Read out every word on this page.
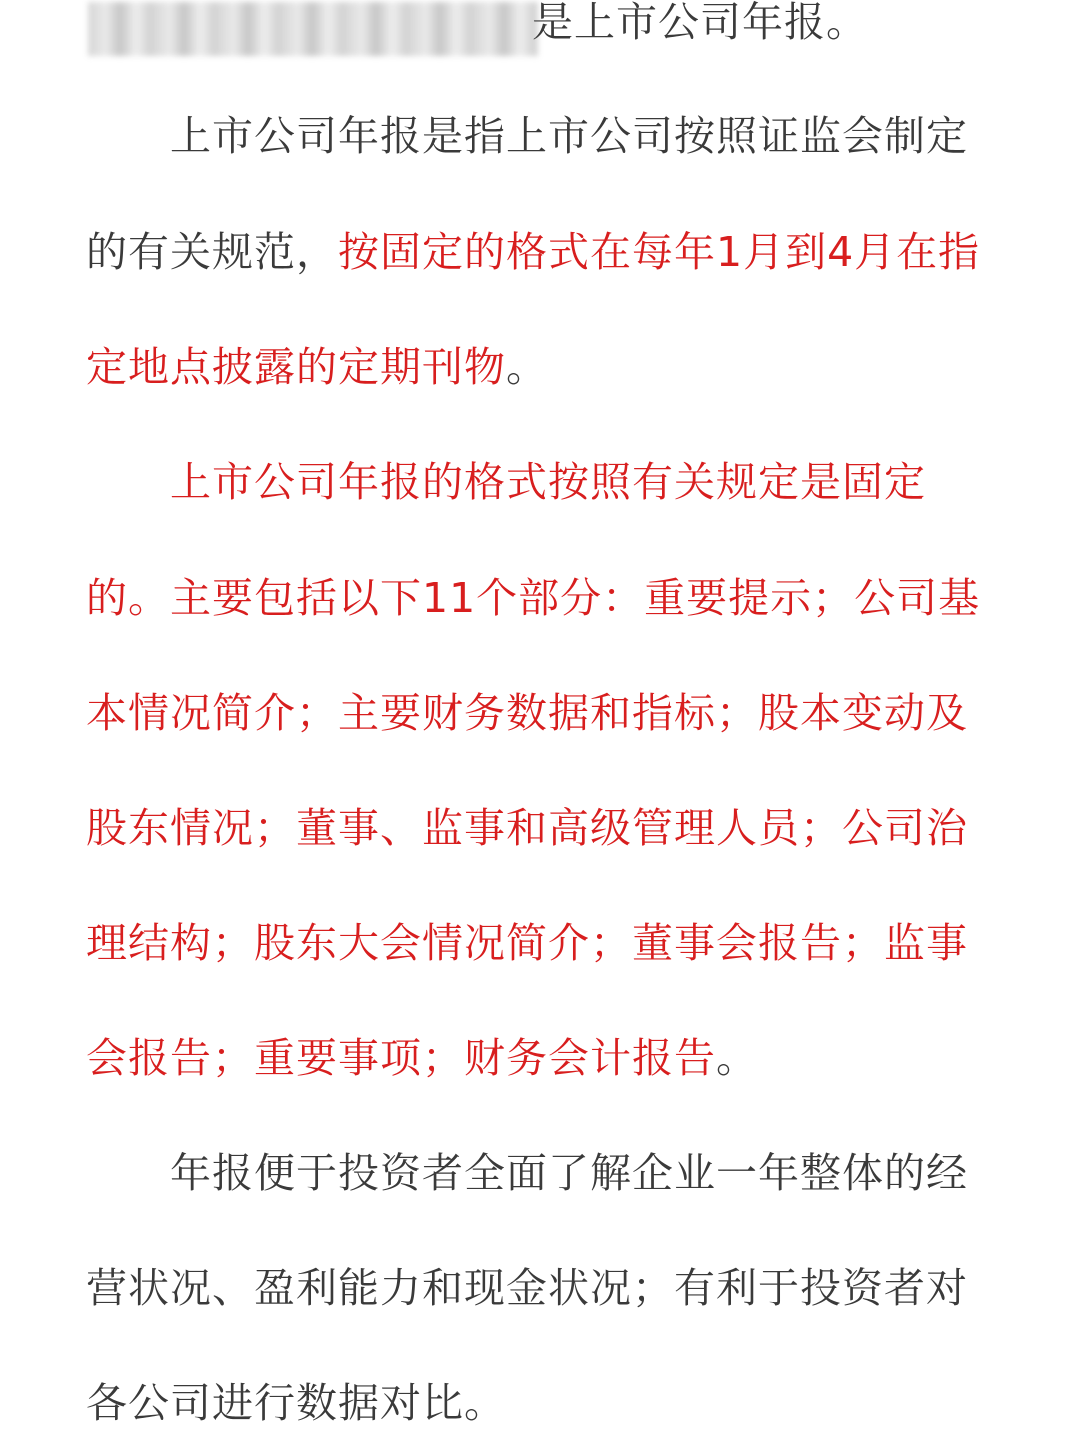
是上市公司年报。
上市公司年报是指上市公司按照证监会制定
的有关规范，按固定的格式在每年1月到4月在指
定地点披露的定期刊物。
上市公司年报的格式按照有关规定是固定
的。主要包括以下11个部分：重要提示；公司基
本情况简介；主要财务数据和指标；股本变动及
股东情况；董事、监事和高级管理人员；公司治
理结构；股东大会情况简介；董事会报告；监事
会报告；重要事项；财务会计报告。
年报便于投资者全面了解企业一年整体的经
营状况、盈利能力和现金状况；有利于投资者对
各公司进行数据对比。
